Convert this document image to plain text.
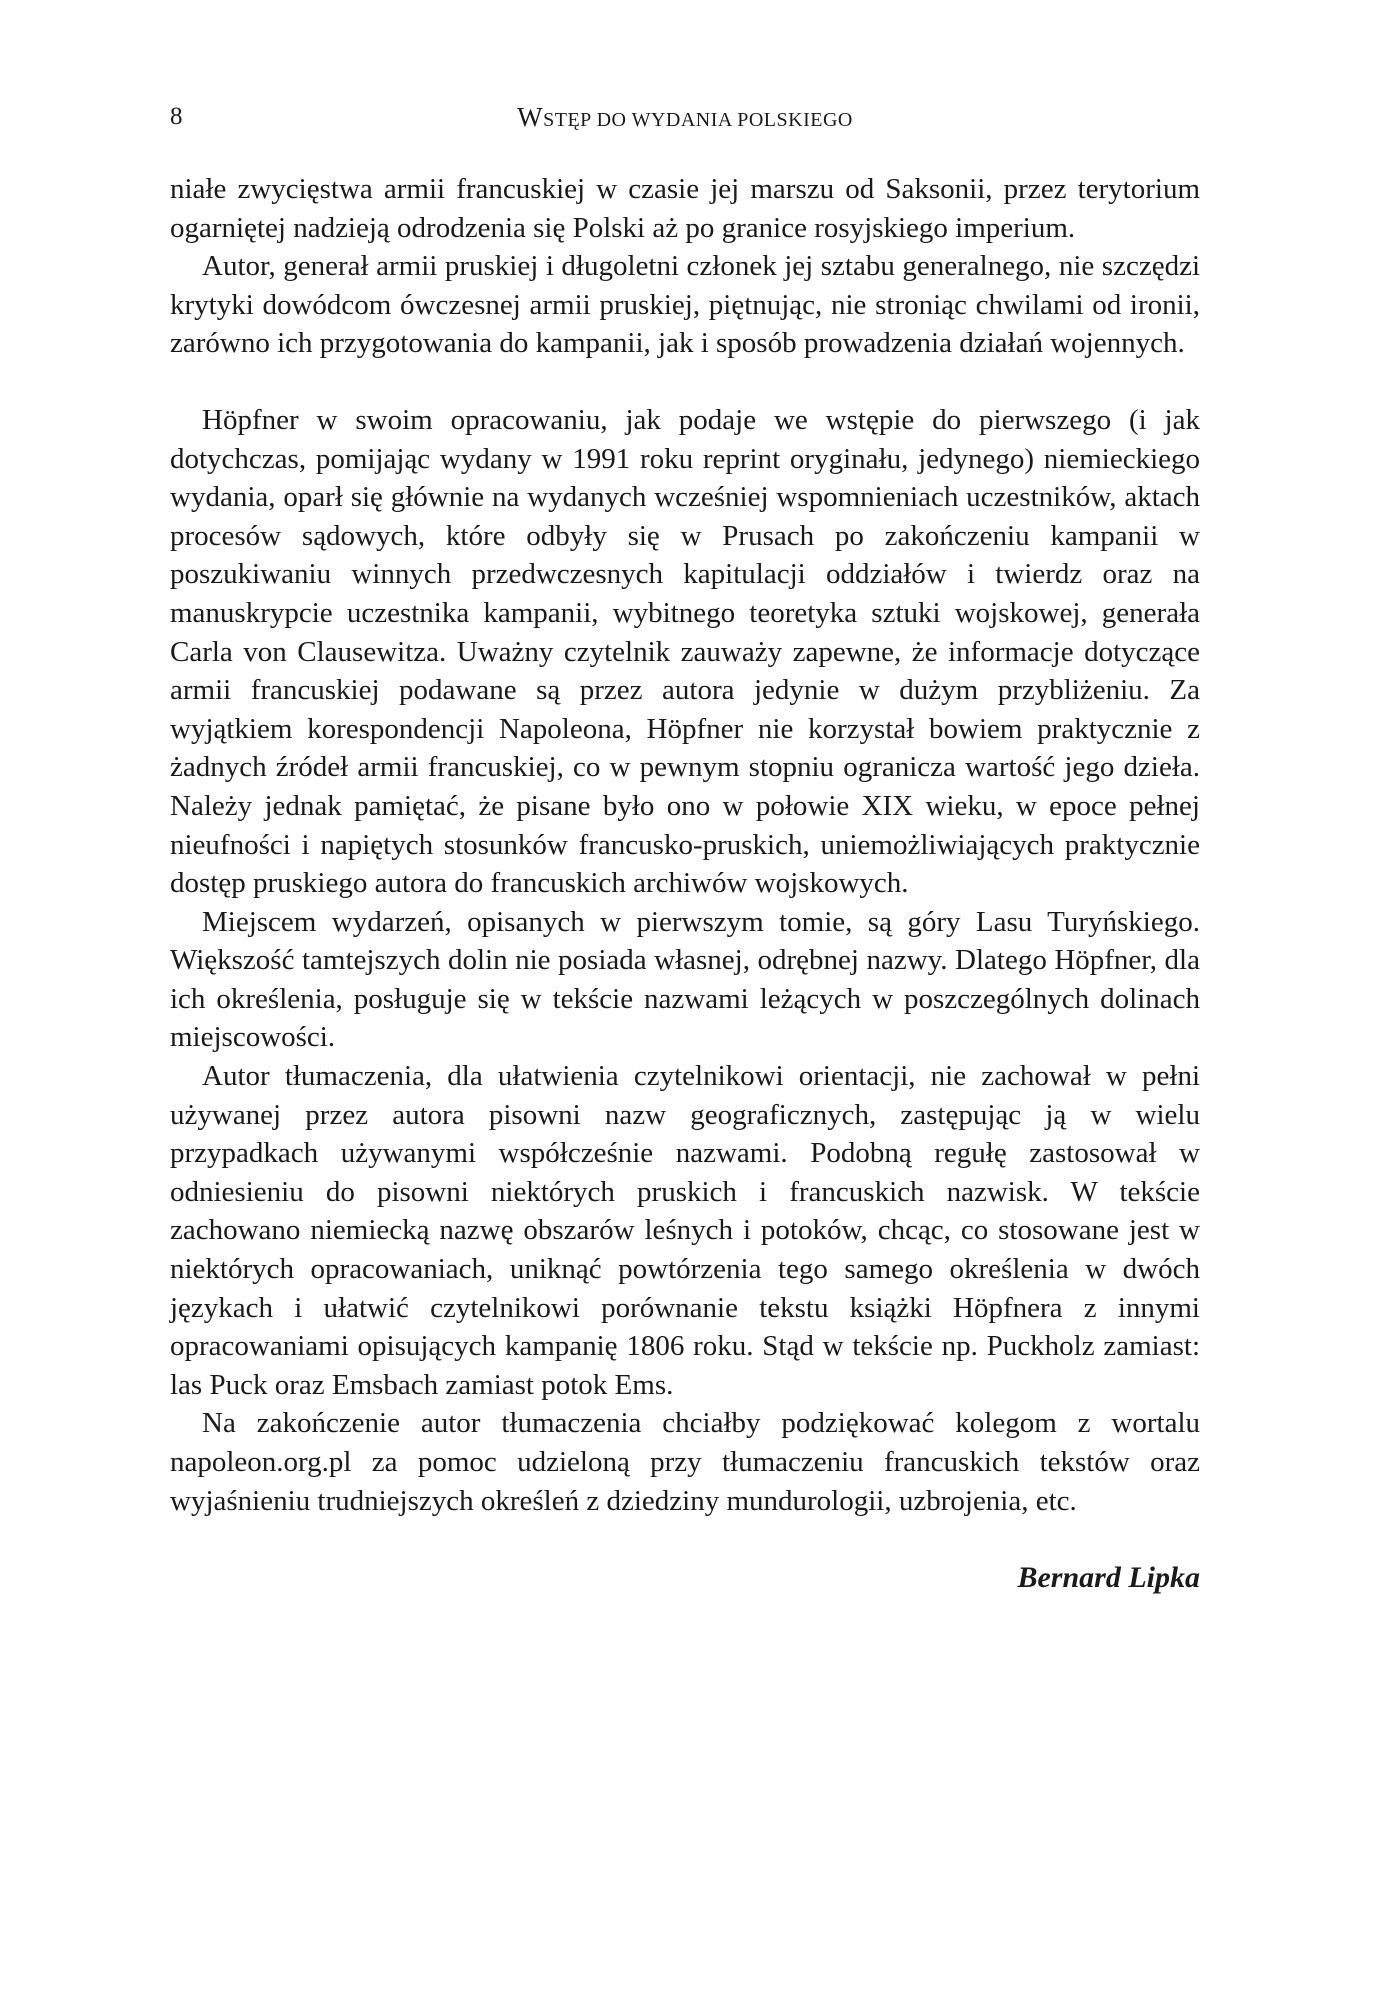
8	WSTĘP DO WYDANIA POLSKIEGO

niałe zwycięstwa armii francuskiej w czasie jej marszu od Saksonii, przez terytorium ogarniętej nadzieją odrodzenia się Polski aż po granice rosyjskiego imperium.

Autor, generał armii pruskiej i długoletni członek jej sztabu generalnego, nie szczędzi krytyki dowódcom ówczesnej armii pruskiej, piętnując, nie stroniąc chwilami od ironii, zarówno ich przygotowania do kampanii, jak i sposób prowadzenia działań wojennych.

Höpfner w swoim opracowaniu, jak podaje we wstępie do pierwszego (i jak dotychczas, pomijając wydany w 1991 roku reprint oryginału, jedynego) niemieckiego wydania, oparł się głównie na wydanych wcześniej wspomnieniach uczestników, aktach procesów sądowych, które odbyły się w Prusach po zakończeniu kampanii w poszukiwaniu winnych przedwczesnych kapitulacji oddziałów i twierdz oraz na manuskrypcie uczestnika kampanii, wybitnego teoretyka sztuki wojskowej, generała Carla von Clausewitza. Uważny czytelnik zauważy zapewne, że informacje dotyczące armii francuskiej podawane są przez autora jedynie w dużym przybliżeniu. Za wyjątkiem korespondencji Napoleona, Höpfner nie korzystał bowiem praktycznie z żadnych źródeł armii francuskiej, co w pewnym stopniu ogranicza wartość jego dzieła. Należy jednak pamiętać, że pisane było ono w połowie XIX wieku, w epoce pełnej nieufności i napiętych stosunków francusko-pruskich, uniemożliwiających praktycznie dostęp pruskiego autora do francuskich archiwów wojskowych.

Miejscem wydarzeń, opisanych w pierwszym tomie, są góry Lasu Turyńskiego. Większość tamtejszych dolin nie posiada własnej, odrębnej nazwy. Dlatego Höpfner, dla ich określenia, posługuje się w tekście nazwami leżących w poszczególnych dolinach miejscowości.

Autor tłumaczenia, dla ułatwienia czytelnikowi orientacji, nie zachował w pełni używanej przez autora pisowni nazw geograficznych, zastępując ją w wielu przypadkach używanymi współcześnie nazwami. Podobną regułę zastosował w odniesieniu do pisowni niektórych pruskich i francuskich nazwisk. W tekście zachowano niemiecką nazwę obszarów leśnych i potoków, chcąc, co stosowane jest w niektórych opracowaniach, uniknąć powtórzenia tego samego określenia w dwóch językach i ułatwić czytelnikowi porównanie tekstu książki Höpfnera z innymi opracowaniami opisujących kampanię 1806 roku. Stąd w tekście np. Puckholz zamiast: las Puck oraz Emsbach zamiast potok Ems.

Na zakończenie autor tłumaczenia chciałby podziękować kolegom z wortalu napoleon.org.pl za pomoc udzieloną przy tłumaczeniu francuskich tekstów oraz wyjaśnieniu trudniejszych określeń z dziedziny mundurologii, uzbrojenia, etc.

Bernard Lipka
